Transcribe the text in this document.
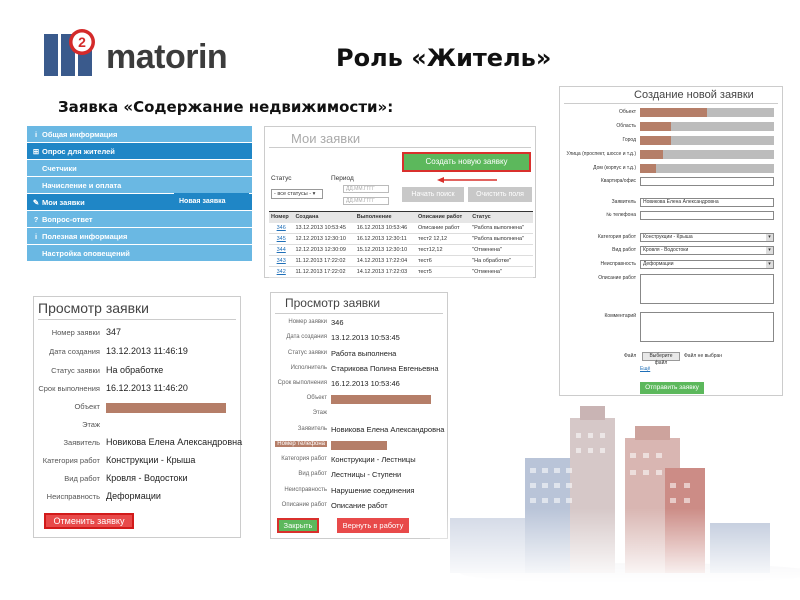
2 matorin	Роль «Житель»
Заявка «Содержание недвижимости»:
i Общая информация
⊞ Опрос для жителей
Счетчики
Начисление и оплата
✎ Мои заявки
? Вопрос-ответ
i Полезная информация
Настройка оповещений
Новая заявка
Мои заявки
Создать новую заявку
Статус	Период
- все статусы - ▾
ДД.ММ.ГГГГ
ДД.ММ.ГГГГ
Начать поиск	Очистить поля
Номер	Создана	Выполнение	Описание работ	Статус
346	13.12.2013 10:53:45	16.12.2013 10:53:46	Описание работ	"Работа выполнена"
345	12.12.2013 12:30:10	16.12.2013 12:30:11	тест2 12,12	"Работа выполнена"
344	12.12.2013 12:30:09	15.12.2013 12:30:10	тест12,12	"Отменена"
343	11.12.2013 17:22:02	14.12.2013 17:22:04	тест6	"На обработке"
342	11.12.2013 17:22:02	14.12.2013 17:22:03	тест5	"Отменена"
Создание новой заявки
Объект
Область
Город
Улица (проспект, шоссе и т.д.)
Дом (корпус и т.д.)
Квартира/офис
Заявитель	Новикова Елена Александровна
№ телефона
Категория работ	Конструкции - Крыша	▾
Вид работ	Кровля - Водостоки	▾
Неисправность	Деформации	▾
Описание работ
Комментарий
Файл	Выберите файл
Файл не выбран
Ещё
Отправить заявку
Просмотр заявки
Номер заявки 347
Дата создания 13.12.2013 11:46:19
Статус заявки На обработке
Срок выполнения 16.12.2013 11:46:20
Объект
Этаж
Заявитель Новикова Елена Александровна
Категория работ Конструкции - Крыша
Вид работ Кровля - Водостоки
Неисправность Деформации
Отменить заявку
Просмотр заявки
Номер заявки 346
Дата создания 13.12.2013 10:53:45
Статус заявки Работа выполнена
Исполнитель Старикова Полина Евгеньевна
Срок выполнения 16.12.2013 10:53:46
Объект
Этаж
Заявитель Новикова Елена Александровна
Номер телефона
Категория работ Конструкции - Лестницы
Вид работ Лестницы - Ступени
Неисправность Нарушение соединения
Описание работ Описание работ
Закрыть	Вернуть в работу
